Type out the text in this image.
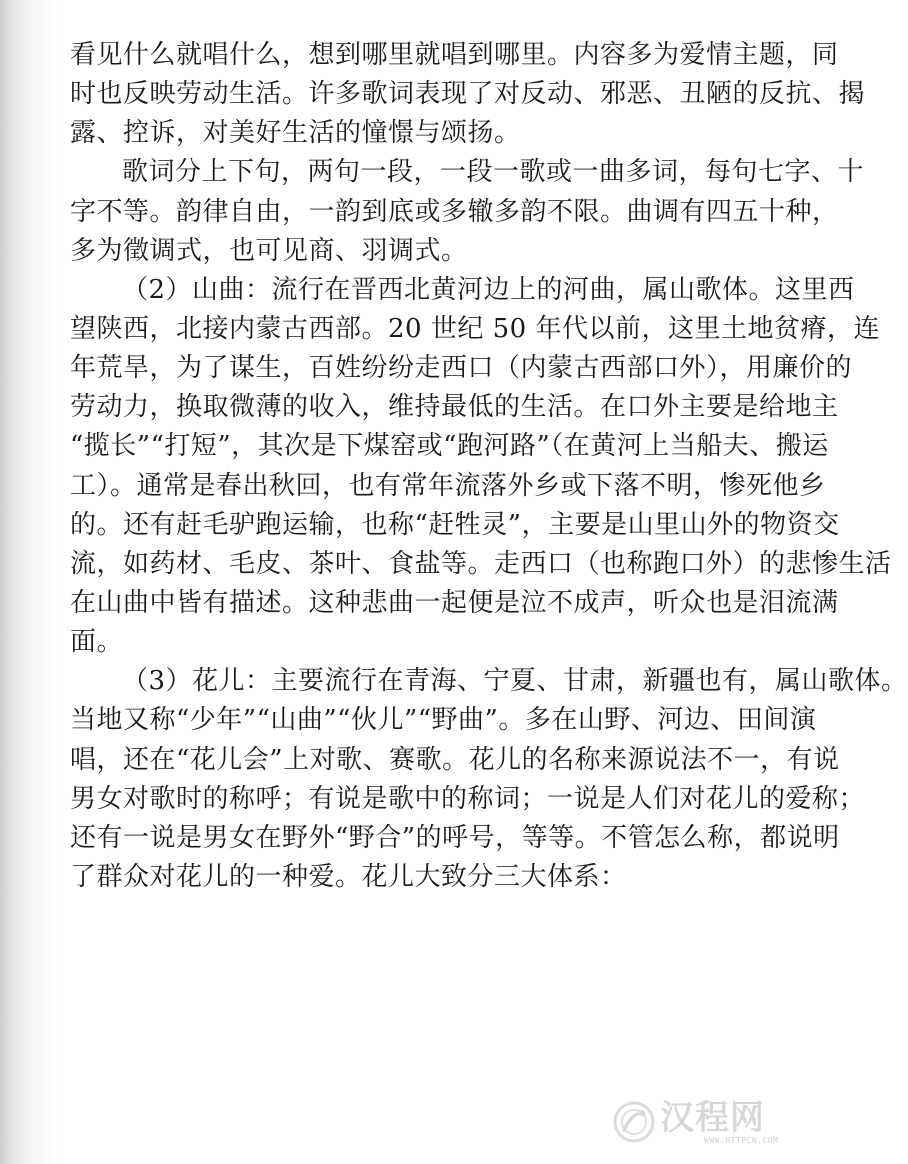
看见什么就唱什么，想到哪里就唱到哪里。内容多为爱情主题，同
时也反映劳动生活。许多歌词表现了对反动、邪恶、丑陋的反抗、揭
露、控诉，对美好生活的憧憬与颂扬。
歌词分上下句，两句一段，一段一歌或一曲多词，每句七字、十
字不等。韵律自由，一韵到底或多辙多韵不限。曲调有四五十种，
多为徵调式，也可见商、羽调式。
（2）山曲：流行在晋西北黄河边上的河曲，属山歌体。这里西
望陕西，北接内蒙古西部。20 世纪 50 年代以前，这里土地贫瘠，连
年荒旱，为了谋生，百姓纷纷走西口（内蒙古西部口外），用廉价的
劳动力，换取微薄的收入，维持最低的生活。在口外主要是给地主
“揽长”“打短”，其次是下煤窑或“跑河路”（在黄河上当船夫、搬运
工）。通常是春出秋回，也有常年流落外乡或下落不明，惨死他乡
的。还有赶毛驴跑运输，也称“赶牲灵”，主要是山里山外的物资交
流，如药材、毛皮、茶叶、食盐等。走西口（也称跑口外）的悲惨生活
在山曲中皆有描述。这种悲曲一起便是泣不成声，听众也是泪流满
面。
（3）花儿：主要流行在青海、宁夏、甘肃，新疆也有，属山歌体。
当地又称“少年”“山曲”“伙儿”“野曲”。多在山野、河边、田间演
唱，还在“花儿会”上对歌、赛歌。花儿的名称来源说法不一，有说
男女对歌时的称呼；有说是歌中的称词；一说是人们对花儿的爱称；
还有一说是男女在野外“野合”的呼号，等等。不管怎么称，都说明
了群众对花儿的一种爱。花儿大致分三大体系：
汉程网
WWW.HTTPCN.COM
